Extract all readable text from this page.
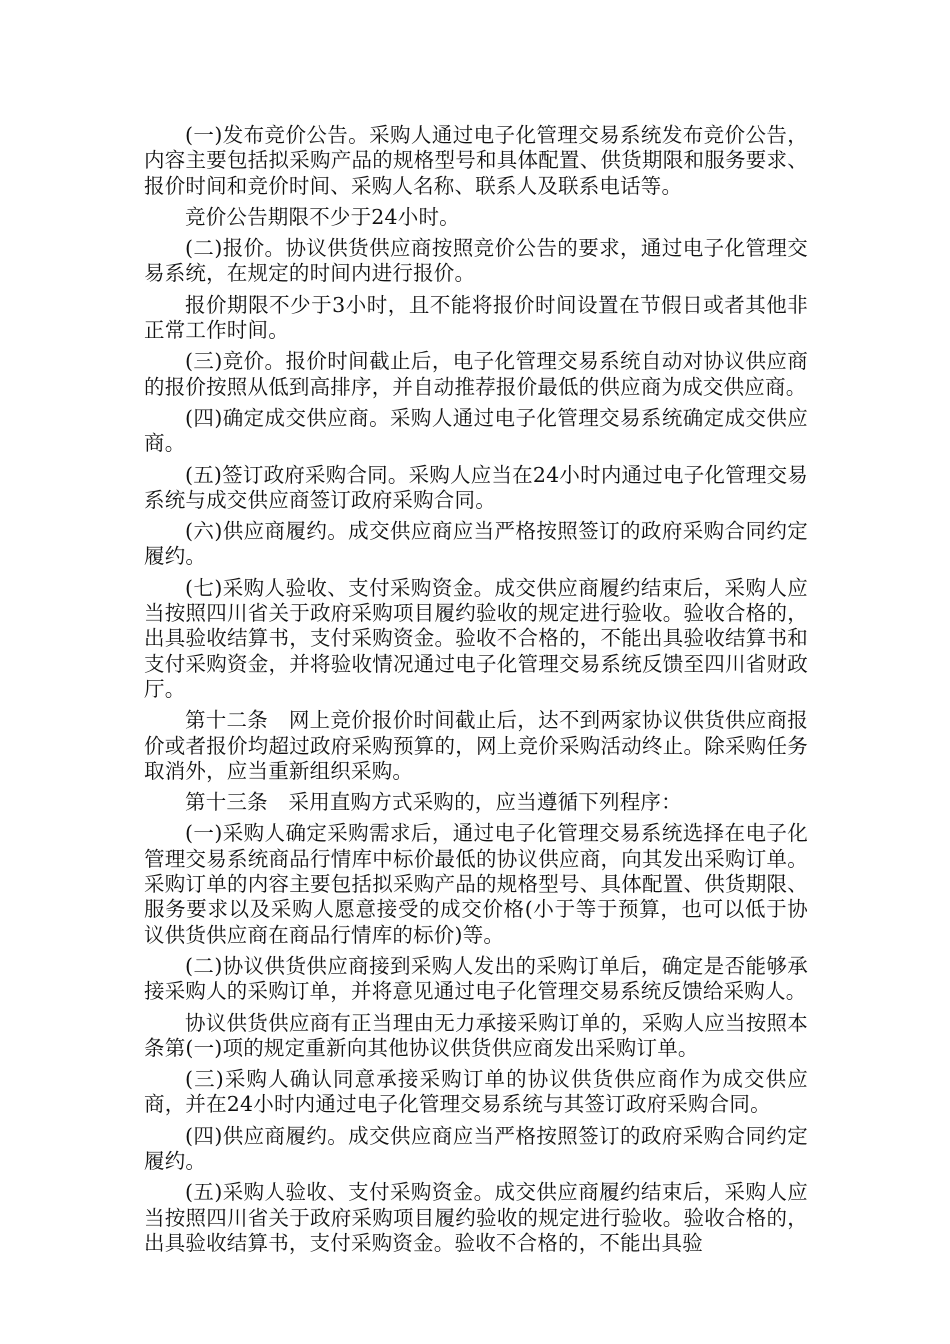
(一)发布竞价公告。采购人通过电子化管理交易系统发布竞价公告，内容主要包括拟采购产品的规格型号和具体配置、供货期限和服务要求、报价时间和竞价时间、采购人名称、联系人及联系电话等。

竞价公告期限不少于24小时。

(二)报价。协议供货供应商按照竞价公告的要求，通过电子化管理交易系统，在规定的时间内进行报价。

报价期限不少于3小时，且不能将报价时间设置在节假日或者其他非正常工作时间。

(三)竞价。报价时间截止后，电子化管理交易系统自动对协议供应商的报价按照从低到高排序，并自动推荐报价最低的供应商为成交供应商。

(四)确定成交供应商。采购人通过电子化管理交易系统确定成交供应商。

(五)签订政府采购合同。采购人应当在24小时内通过电子化管理交易系统与成交供应商签订政府采购合同。

(六)供应商履约。成交供应商应当严格按照签订的政府采购合同约定履约。

(七)采购人验收、支付采购资金。成交供应商履约结束后，采购人应当按照四川省关于政府采购项目履约验收的规定进行验收。验收合格的，出具验收结算书，支付采购资金。验收不合格的，不能出具验收结算书和支付采购资金，并将验收情况通过电子化管理交易系统反馈至四川省财政厅。

第十二条　网上竞价报价时间截止后，达不到两家协议供货供应商报价或者报价均超过政府采购预算的，网上竞价采购活动终止。除采购任务取消外，应当重新组织采购。

第十三条　采用直购方式采购的，应当遵循下列程序：

(一)采购人确定采购需求后，通过电子化管理交易系统选择在电子化管理交易系统商品行情库中标价最低的协议供应商，向其发出采购订单。采购订单的内容主要包括拟采购产品的规格型号、具体配置、供货期限、服务要求以及采购人愿意接受的成交价格(小于等于预算，也可以低于协议供货供应商在商品行情库的标价)等。

(二)协议供货供应商接到采购人发出的采购订单后，确定是否能够承接采购人的采购订单，并将意见通过电子化管理交易系统反馈给采购人。

协议供货供应商有正当理由无力承接采购订单的，采购人应当按照本条第(一)项的规定重新向其他协议供货供应商发出采购订单。

(三)采购人确认同意承接采购订单的协议供货供应商作为成交供应商，并在24小时内通过电子化管理交易系统与其签订政府采购合同。

(四)供应商履约。成交供应商应当严格按照签订的政府采购合同约定履约。

(五)采购人验收、支付采购资金。成交供应商履约结束后，采购人应当按照四川省关于政府采购项目履约验收的规定进行验收。验收合格的，出具验收结算书，支付采购资金。验收不合格的，不能出具验
